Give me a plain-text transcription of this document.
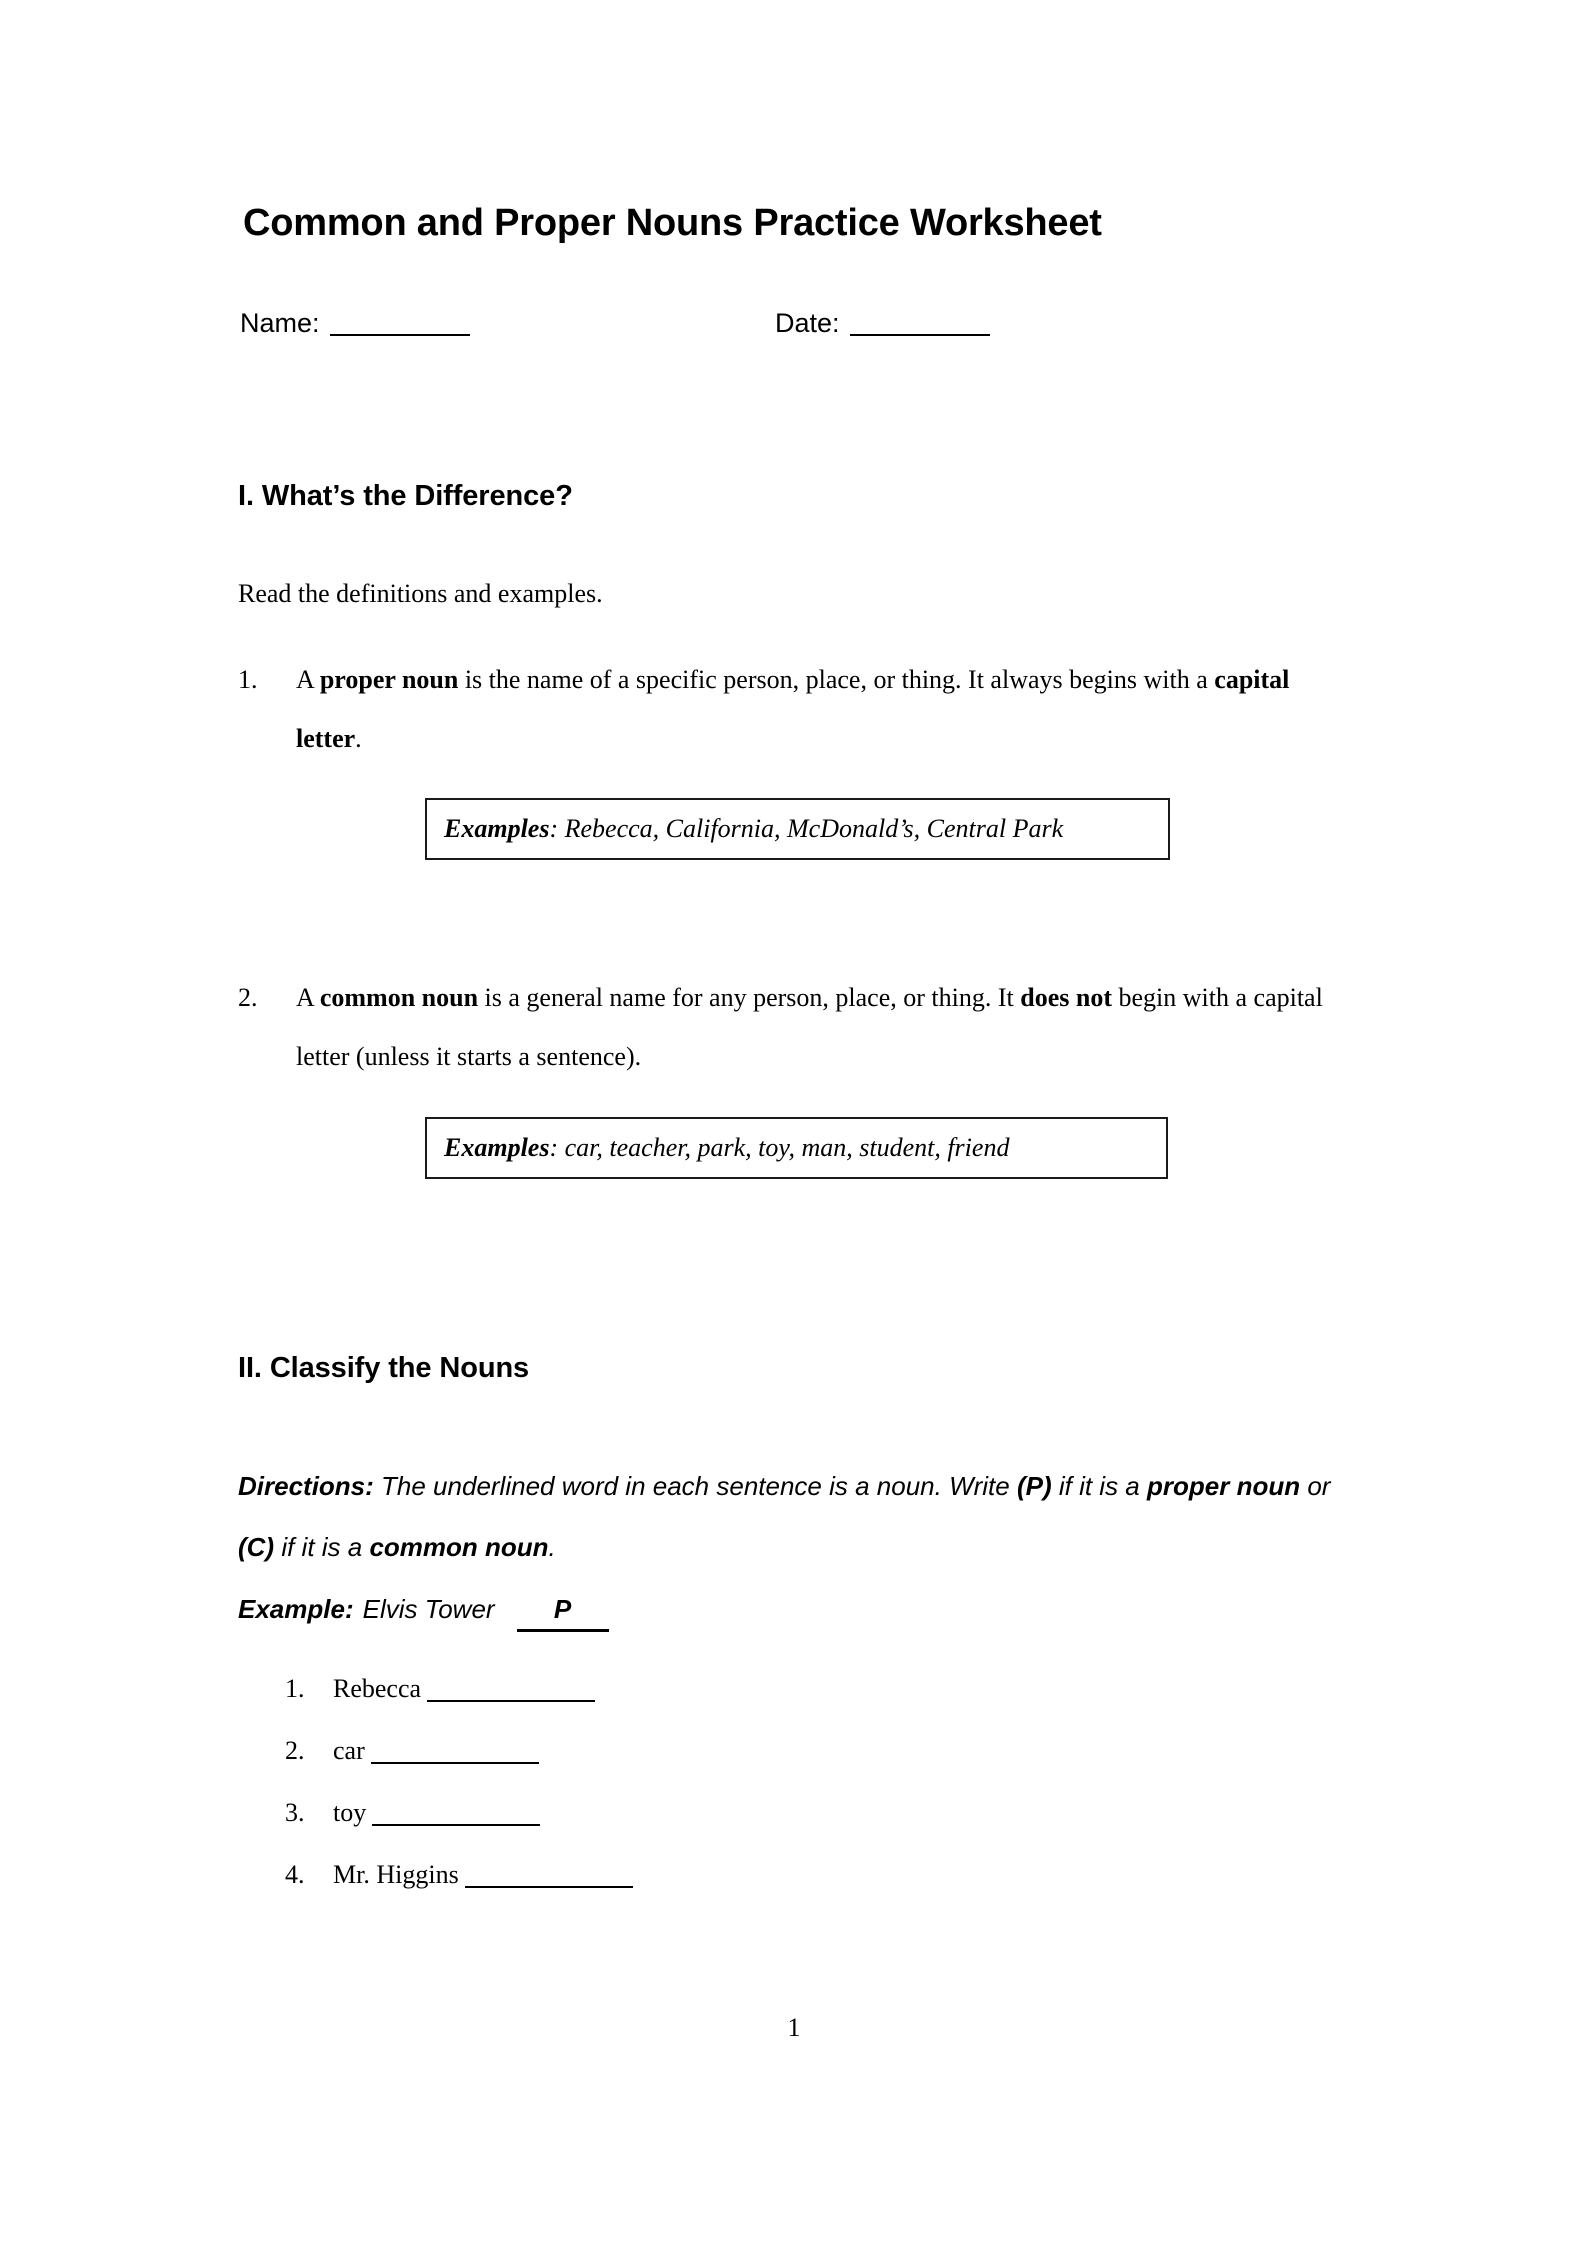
Common and Proper Nouns Practice Worksheet
Name:	Date:
I. What’s the Difference?
Read the definitions and examples.
1.	A proper noun is the name of a specific person, place, or thing. It always begins with a capital letter.
Examples : Rebecca, California, McDonald’s, Central Park
2.	A common noun is a general name for any person, place, or thing. It does not begin with a capital letter (unless it starts a sentence).
Examples : car, teacher, park, toy, man, student, friend
II. Classify the Nouns
Directions: The underlined word in each sentence is a noun. Write (P) if it is a proper noun or (C) if it is a common noun.
Example: Elvis Tower	P
1.	Rebecca
2.	car
3.	toy
4.	Mr. Higgins
1
